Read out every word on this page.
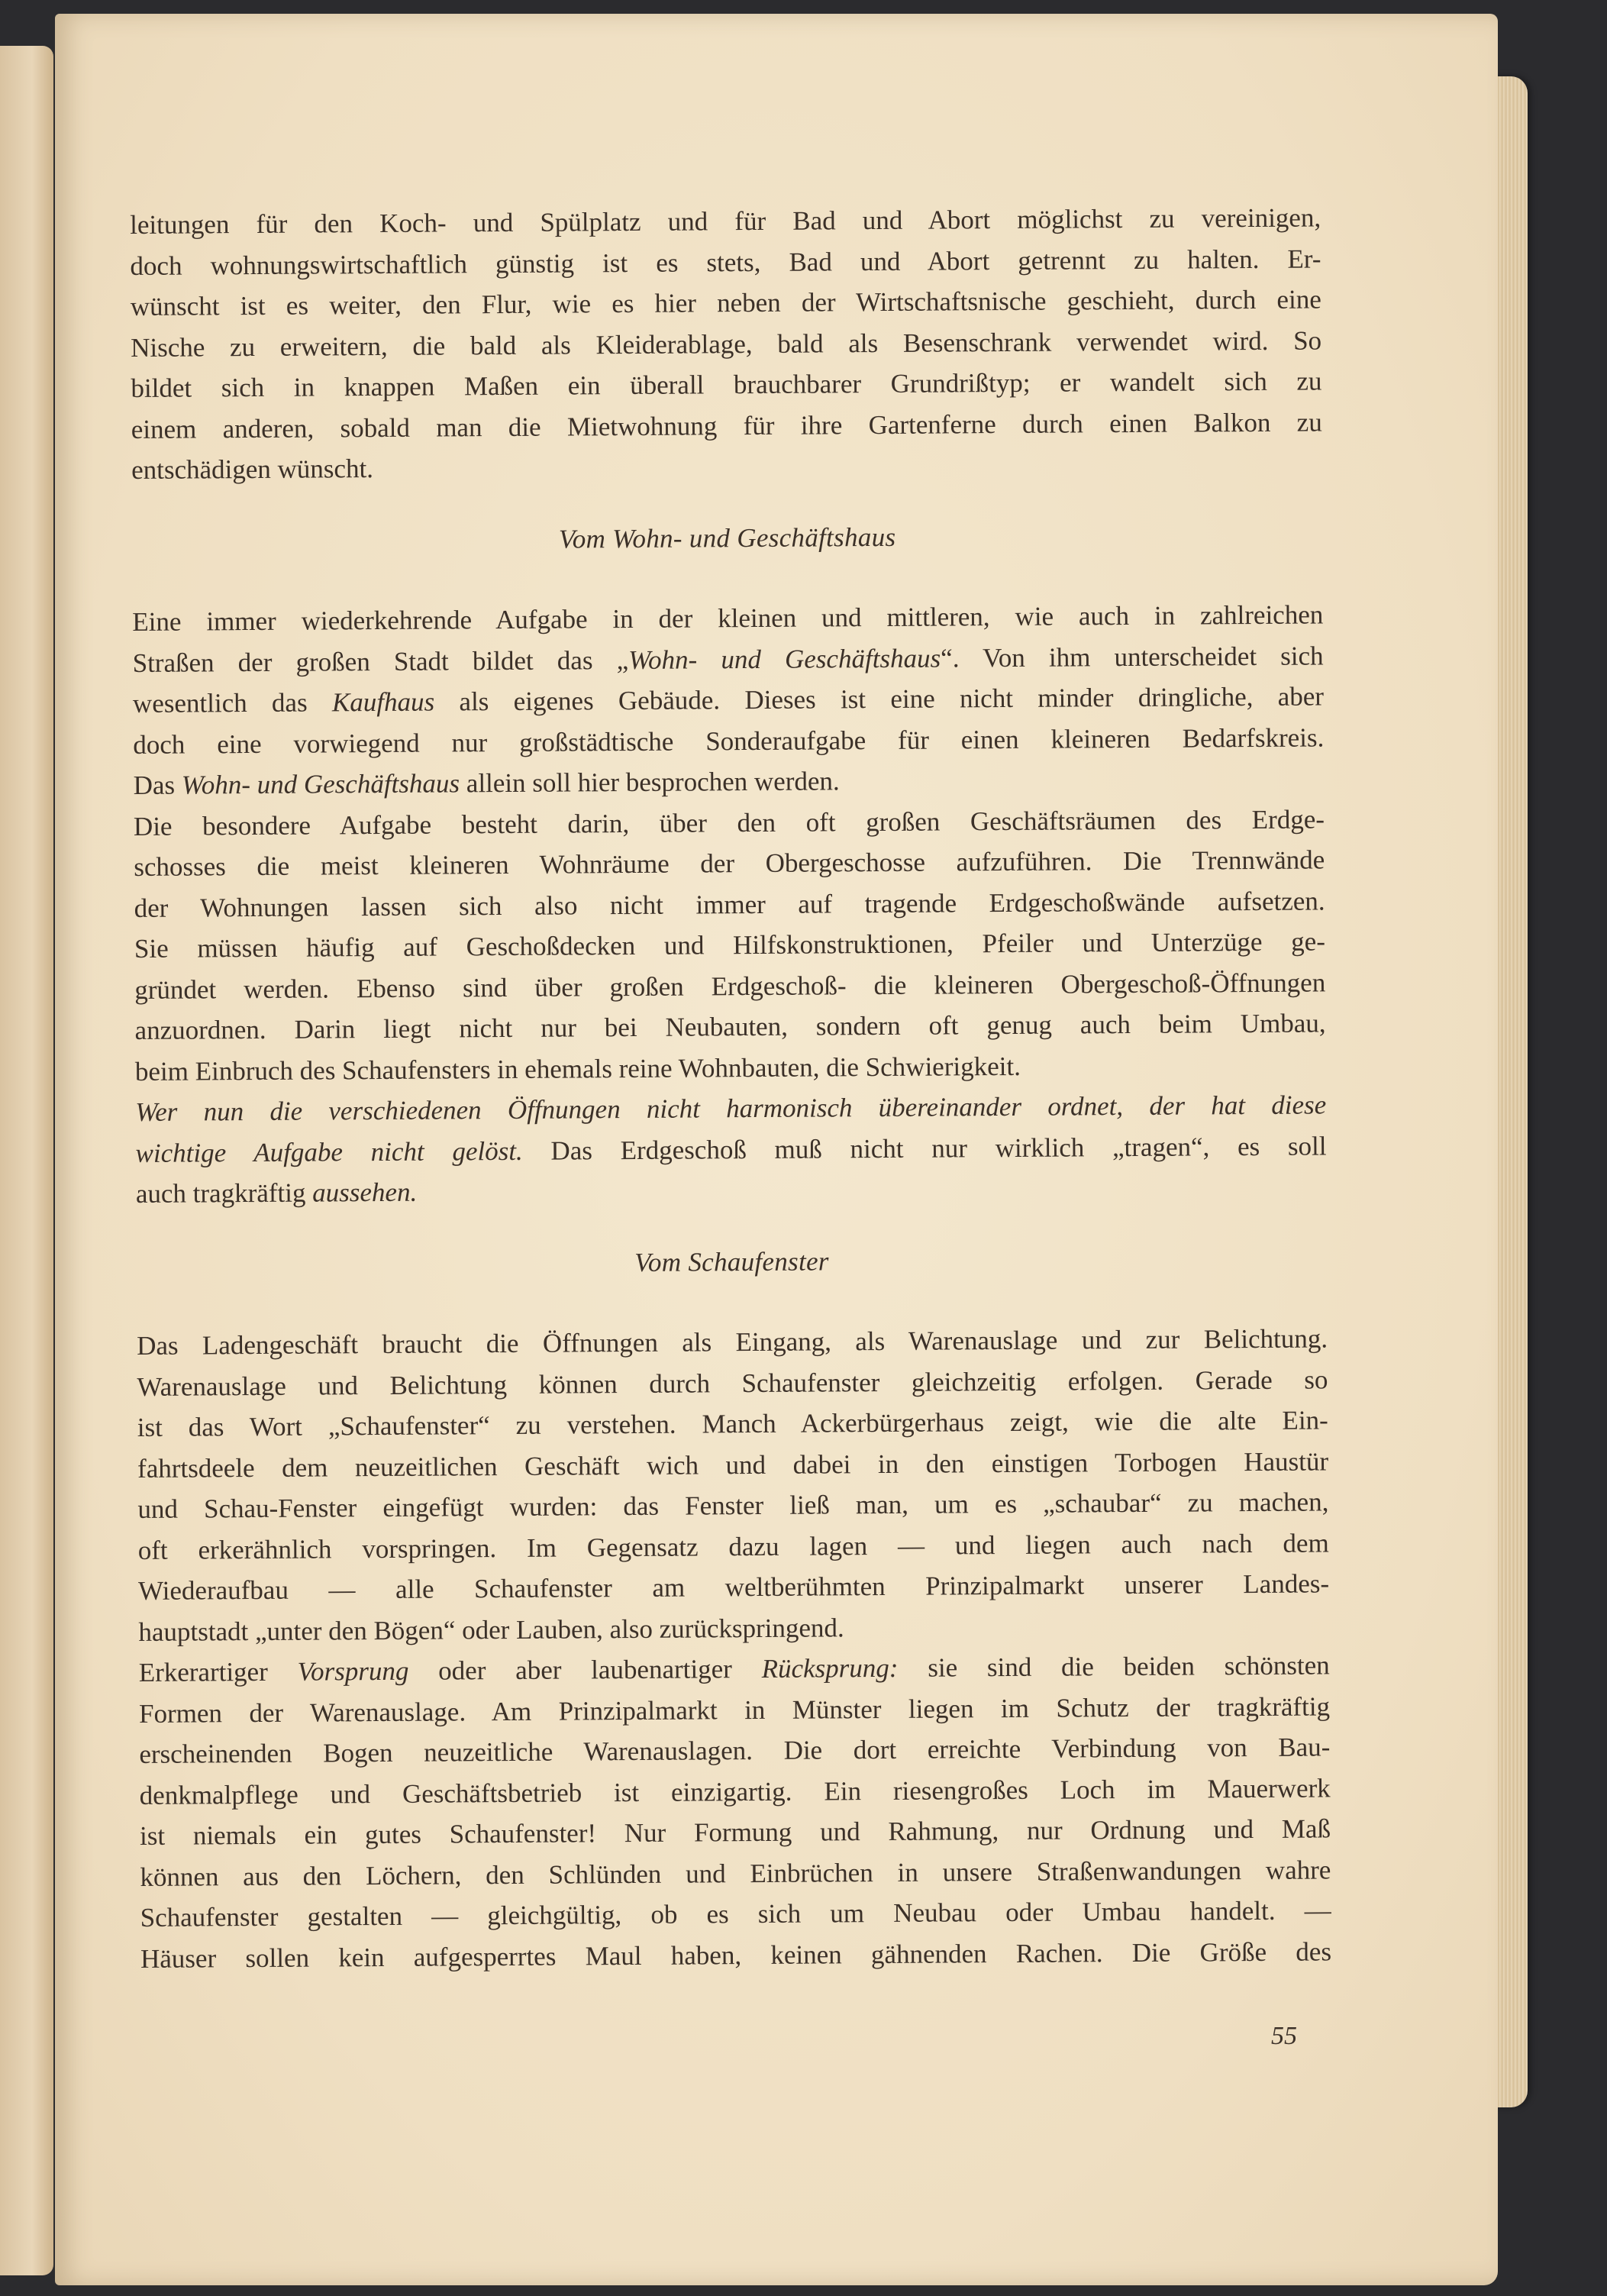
leitungen für den Koch- und Spülplatz und für Bad und Abort möglichst zu vereinigen,
doch wohnungswirtschaftlich günstig ist es stets, Bad und Abort getrennt zu halten. Er-
wünscht ist es weiter, den Flur, wie es hier neben der Wirtschaftsnische geschieht, durch eine
Nische zu erweitern, die bald als Kleiderablage, bald als Besenschrank verwendet wird. So
bildet sich in knappen Maßen ein überall brauchbarer Grundrißtyp; er wandelt sich zu
einem anderen, sobald man die Mietwohnung für ihre Gartenferne durch einen Balkon zu
entschädigen wünscht.

Vom Wohn- und Geschäftshaus

Eine immer wiederkehrende Aufgabe in der kleinen und mittleren, wie auch in zahlreichen
Straßen der großen Stadt bildet das „Wohn- und Geschäftshaus“. Von ihm unterscheidet sich
wesentlich das Kaufhaus als eigenes Gebäude. Dieses ist eine nicht minder dringliche, aber
doch eine vorwiegend nur großstädtische Sonderaufgabe für einen kleineren Bedarfskreis.
Das Wohn- und Geschäftshaus allein soll hier besprochen werden.

Die besondere Aufgabe besteht darin, über den oft großen Geschäftsräumen des Erdge-
schosses die meist kleineren Wohnräume der Obergeschosse aufzuführen. Die Trennwände
der Wohnungen lassen sich also nicht immer auf tragende Erdgeschoßwände aufsetzen.
Sie müssen häufig auf Geschoßdecken und Hilfskonstruktionen, Pfeiler und Unterzüge ge-
gründet werden. Ebenso sind über großen Erdgeschoß- die kleineren Obergeschoß-Öffnungen
anzuordnen. Darin liegt nicht nur bei Neubauten, sondern oft genug auch beim Umbau,
beim Einbruch des Schaufensters in ehemals reine Wohnbauten, die Schwierigkeit.

Wer nun die verschiedenen Öffnungen nicht harmonisch übereinander ordnet, der hat diese
wichtige Aufgabe nicht gelöst. Das Erdgeschoß muß nicht nur wirklich „tragen“, es soll
auch tragkräftig aussehen.

Vom Schaufenster

Das Ladengeschäft braucht die Öffnungen als Eingang, als Warenauslage und zur Belichtung.
Warenauslage und Belichtung können durch Schaufenster gleichzeitig erfolgen. Gerade so
ist das Wort „Schaufenster“ zu verstehen. Manch Ackerbürgerhaus zeigt, wie die alte Ein-
fahrtsdeele dem neuzeitlichen Geschäft wich und dabei in den einstigen Torbogen Haustür
und Schau-Fenster eingefügt wurden: das Fenster ließ man, um es „schaubar“ zu machen,
oft erkerähnlich vorspringen. Im Gegensatz dazu lagen — und liegen auch nach dem
Wiederaufbau — alle Schaufenster am weltberühmten Prinzipalmarkt unserer Landes-
hauptstadt „unter den Bögen“ oder Lauben, also zurückspringend.

Erkerartiger Vorsprung oder aber laubenartiger Rücksprung: sie sind die beiden schönsten
Formen der Warenauslage. Am Prinzipalmarkt in Münster liegen im Schutz der tragkräftig
erscheinenden Bogen neuzeitliche Warenauslagen. Die dort erreichte Verbindung von Bau-
denkmalpflege und Geschäftsbetrieb ist einzigartig. Ein riesengroßes Loch im Mauerwerk
ist niemals ein gutes Schaufenster! Nur Formung und Rahmung, nur Ordnung und Maß
können aus den Löchern, den Schlünden und Einbrüchen in unsere Straßenwandungen wahre
Schaufenster gestalten — gleichgültig, ob es sich um Neubau oder Umbau handelt. —
Häuser sollen kein aufgesperrtes Maul haben, keinen gähnenden Rachen. Die Größe des

55
